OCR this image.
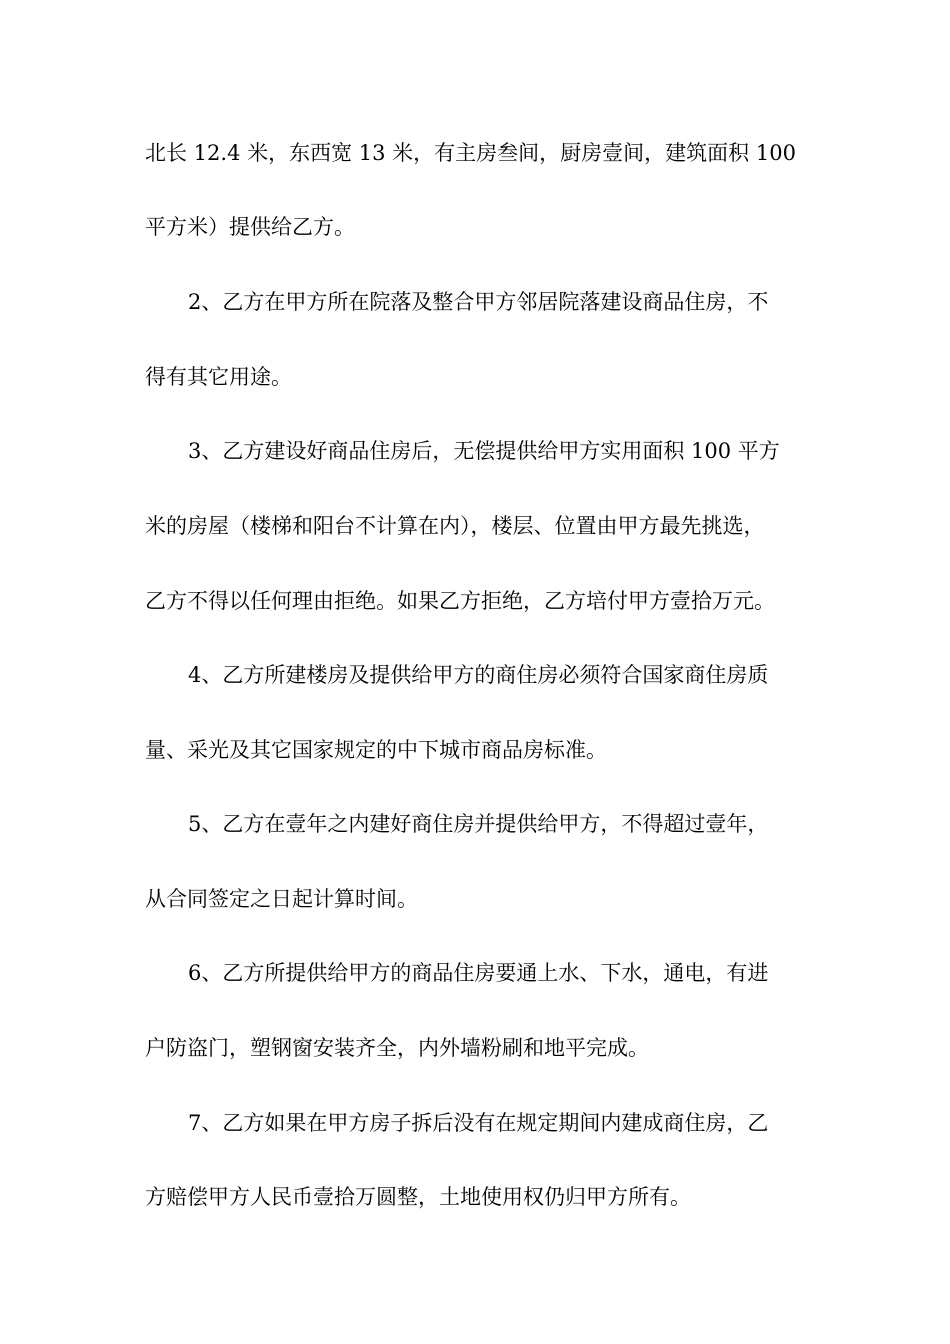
北长 12.4 米，东西宽 13 米，有主房叁间，厨房壹间，建筑面积 100

平方米）提供给乙方。

2、乙方在甲方所在院落及整合甲方邻居院落建设商品住房，不

得有其它用途。

3、乙方建设好商品住房后，无偿提供给甲方实用面积 100 平方

米的房屋（楼梯和阳台不计算在内），楼层、位置由甲方最先挑选，

乙方不得以任何理由拒绝。如果乙方拒绝，乙方培付甲方壹拾万元。

4、乙方所建楼房及提供给甲方的商住房必须符合国家商住房质

量、采光及其它国家规定的中下城市商品房标准。

5、乙方在壹年之内建好商住房并提供给甲方，不得超过壹年，

从合同签定之日起计算时间。

6、乙方所提供给甲方的商品住房要通上水、下水，通电，有进

户防盗门，塑钢窗安装齐全，内外墙粉刷和地平完成。

7、乙方如果在甲方房子拆后没有在规定期间内建成商住房，乙

方赔偿甲方人民币壹拾万圆整，土地使用权仍归甲方所有。
